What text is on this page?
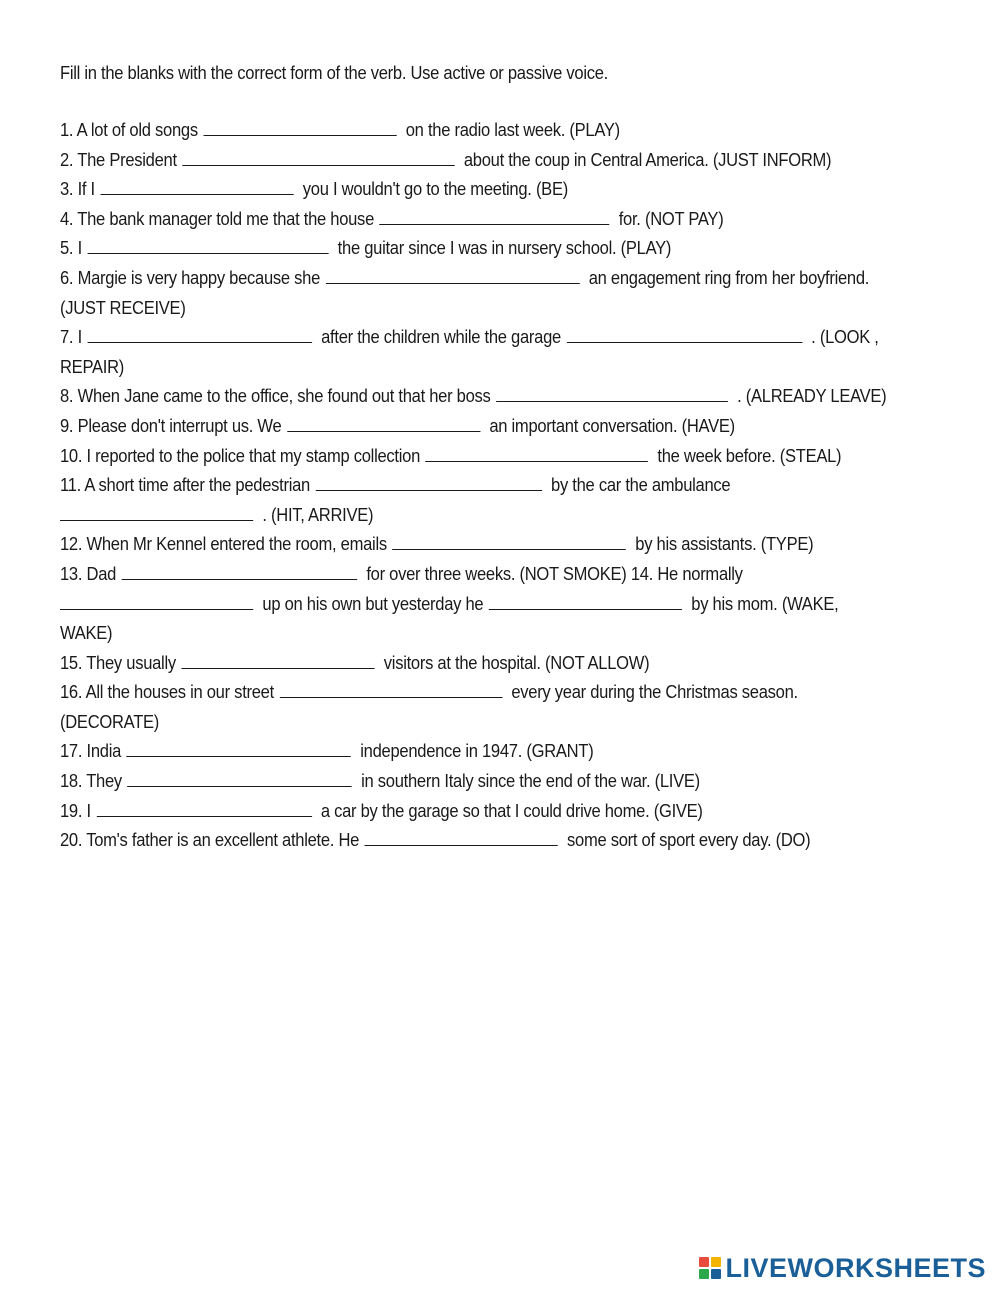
Fill in the blanks with the correct form of the verb. Use active or passive voice.
1. A lot of old songs	on the radio last week. (PLAY)
2. The President	about the coup in Central America. (JUST INFORM)
3. If I	you I wouldn't go to the meeting. (BE)
4. The bank manager told me that the house	for. (NOT PAY)
5. I	the guitar since I was in nursery school. (PLAY)
6. Margie is very happy because she	an engagement ring from her boyfriend.
(JUST RECEIVE)
7. I	after the children while the garage	. (LOOK ,
REPAIR)
8. When Jane came to the office, she found out that her boss	. (ALREADY LEAVE)
9. Please don't interrupt us. We	an important conversation. (HAVE)
10. I reported to the police that my stamp collection	the week before. (STEAL)
11. A short time after the pedestrian	by the car the ambulance
. (HIT, ARRIVE)
12. When Mr Kennel entered the room, emails	by his assistants. (TYPE)
13. Dad	for over three weeks. (NOT SMOKE) 14. He normally
up on his own but yesterday he	by his mom. (WAKE,
WAKE)
15. They usually	visitors at the hospital. (NOT ALLOW)
16. All the houses in our street	every year during the Christmas season.
(DECORATE)
17. India	independence in 1947. (GRANT)
18. They	in southern Italy since the end of the war. (LIVE)
19. I	a car by the garage so that I could drive home. (GIVE)
20. Tom's father is an excellent athlete. He	some sort of sport every day. (DO)
LIVEWORKSHEETS
